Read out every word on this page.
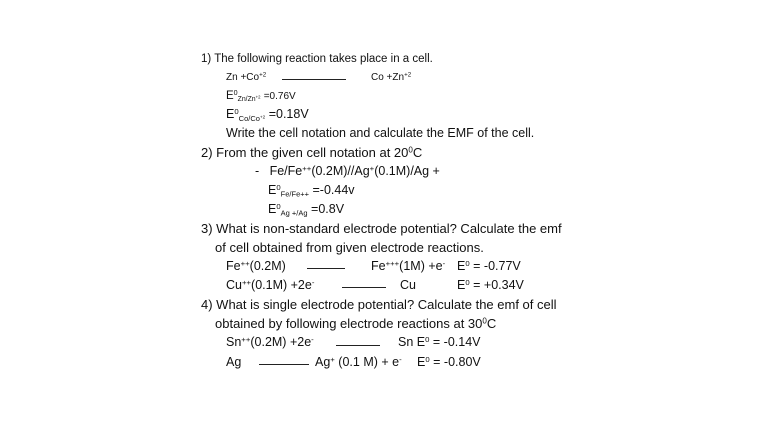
1) The following reaction takes place in a cell.
$Zn +Co^{+2}$	$Co +Zn^{+2}$
$E^0_{Zn/Zn^{+2}} =0.76V$
$E^0_{Co/Co^{+2}} =0.18V$
Write the cell notation and calculate the EMF of the cell.
2) From the given cell notation at $20^0C$
- Fe/Fe++(0.2M)//Ag+(0.1M)/Ag +
$E^0_{Fe/Fe++} =-0.44v$
$E^0_{Ag +/Ag} =0.8V$
3) What is non-standard electrode potential? Calculate the emf
of cell obtained from given electrode reactions.
Fe++(0.2M)	Fe+++(1M) +e- $E^0 = -0.77V$
Cu++(0.1M) +2e-	Cu	$E^0 = +0.34V$
4) What is single electrode potential? Calculate the emf of cell
obtained by following electrode reactions at $30^0C$
Sn++(0.2M) +2e-	Sn $E^0 = -0.14V$
Ag	Ag+ (0.1 M) + e- $E^0 = -0.80V$
